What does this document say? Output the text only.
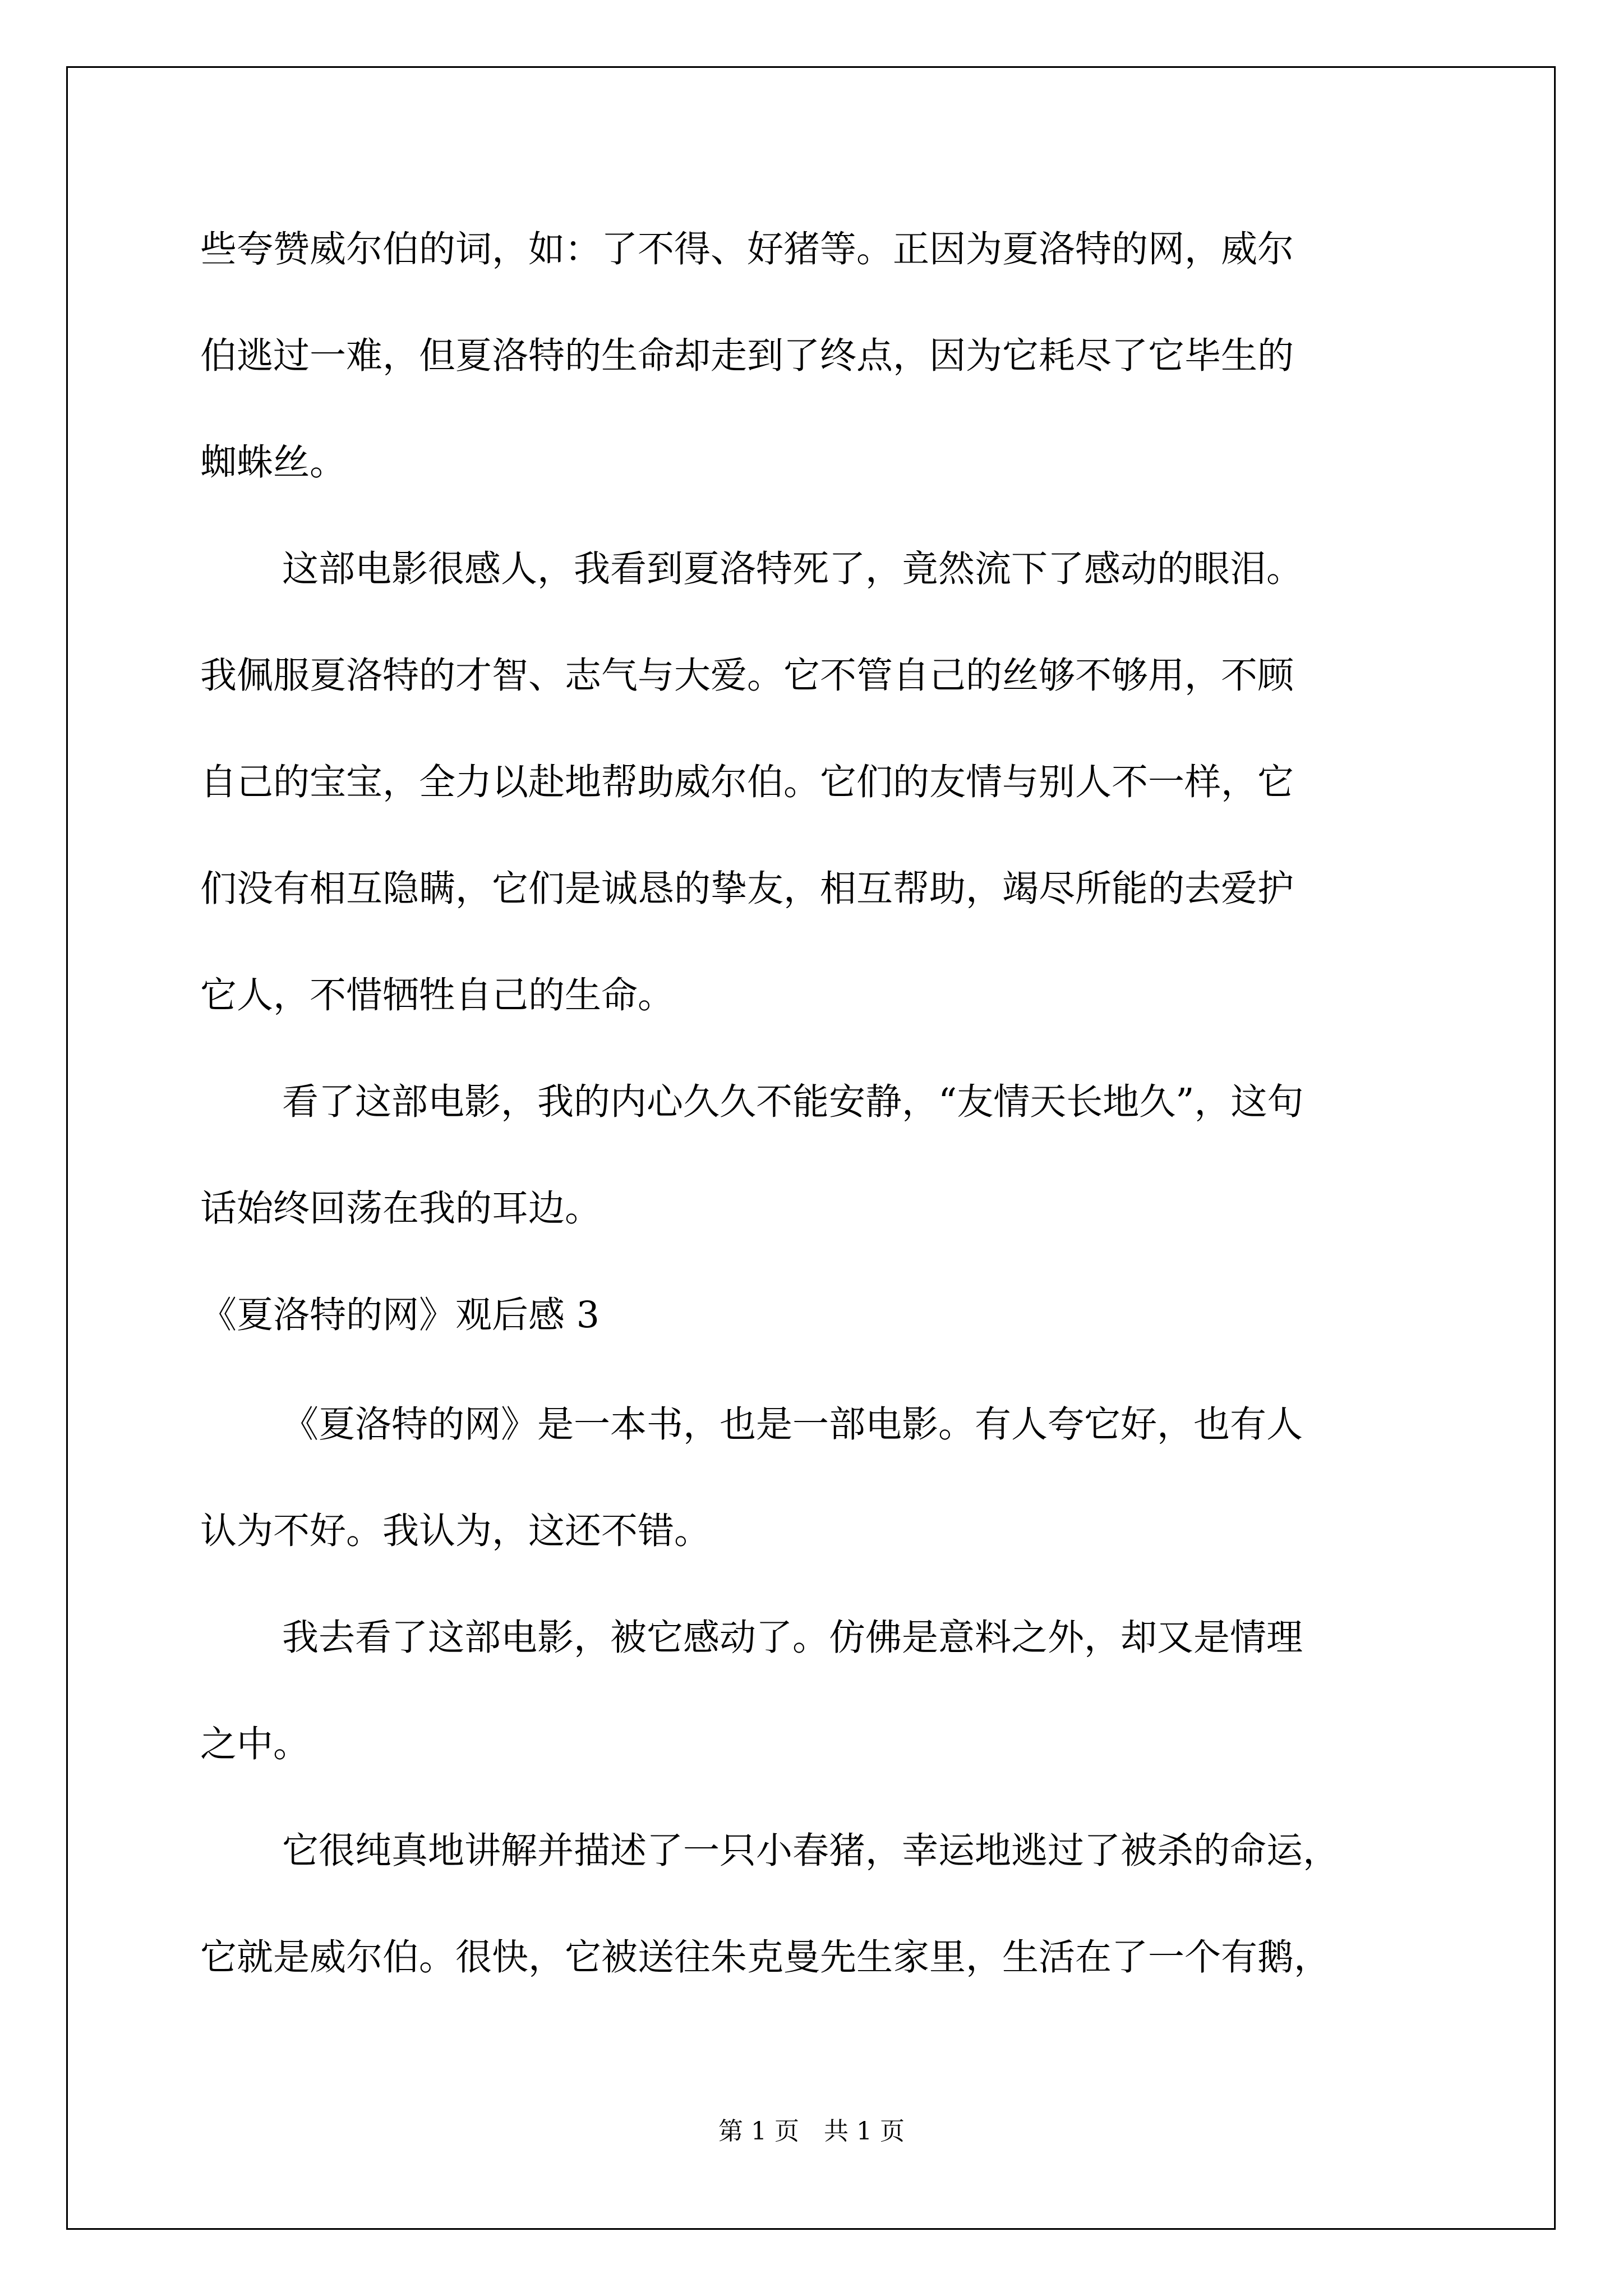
些夸赞威尔伯的词，如：了不得、好猪等。正因为夏洛特的网，威尔
伯逃过一难，但夏洛特的生命却走到了终点，因为它耗尽了它毕生的
蜘蛛丝。
这部电影很感人，我看到夏洛特死了，竟然流下了感动的眼泪。
我佩服夏洛特的才智、志气与大爱。它不管自己的丝够不够用，不顾
自己的宝宝，全力以赴地帮助威尔伯。它们的友情与别人不一样，它
们没有相互隐瞒，它们是诚恳的挚友，相互帮助，竭尽所能的去爱护
它人，不惜牺牲自己的生命。
看了这部电影，我的内心久久不能安静，“友情天长地久”，这句
话始终回荡在我的耳边。
《夏洛特的网》观后感 3
《夏洛特的网》是一本书，也是一部电影。有人夸它好，也有人
认为不好。我认为，这还不错。
我去看了这部电影，被它感动了。仿佛是意料之外，却又是情理
之中。
它很纯真地讲解并描述了一只小春猪，幸运地逃过了被杀的命运，
它就是威尔伯。很快，它被送往朱克曼先生家里，生活在了一个有鹅，
第 1 页　共 1 页
